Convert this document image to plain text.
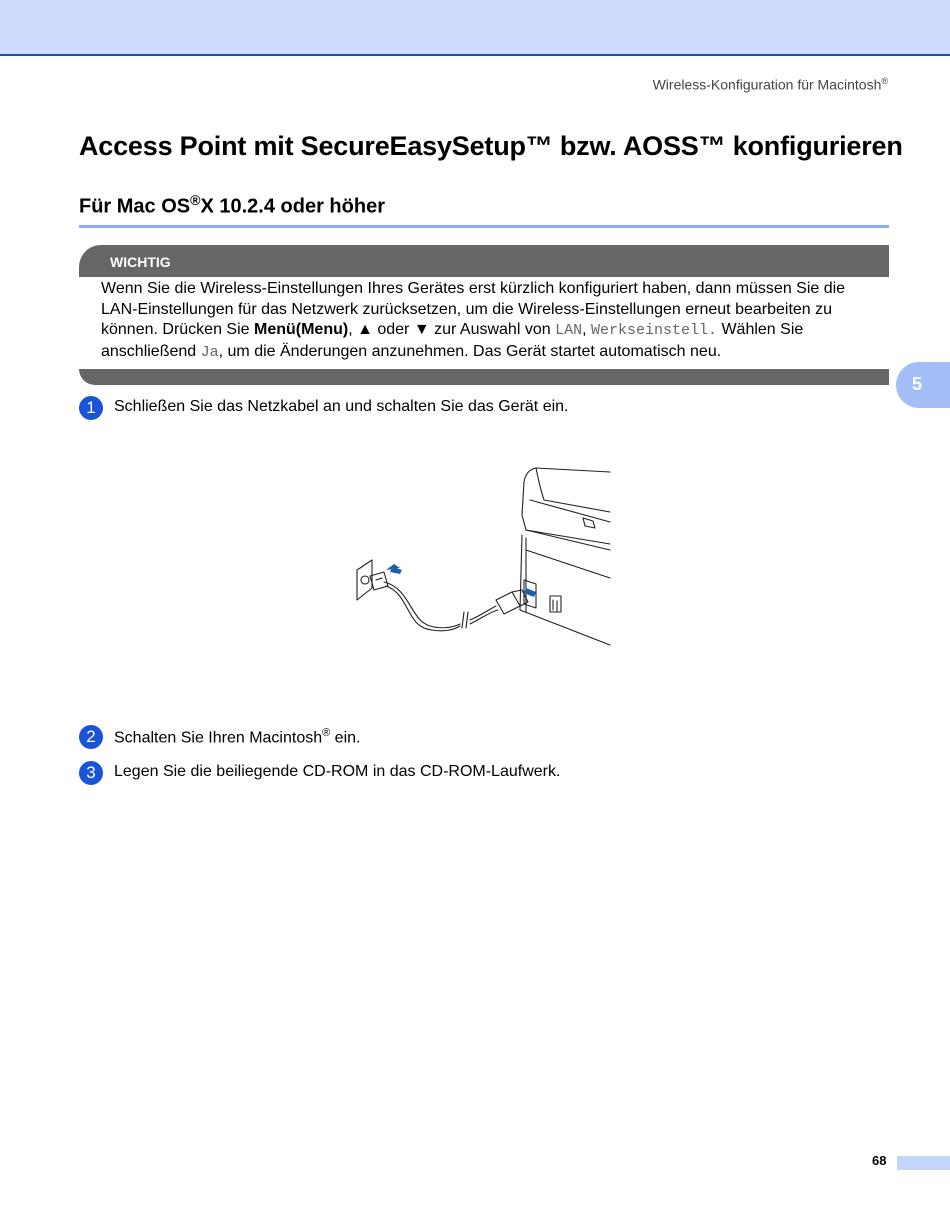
Wireless-Konfiguration für Macintosh®
Access Point mit SecureEasySetup™ bzw. AOSS™ konfigurieren
Für Mac OS®X 10.2.4 oder höher
WICHTIG
Wenn Sie die Wireless-Einstellungen Ihres Gerätes erst kürzlich konfiguriert haben, dann müssen Sie die
LAN-Einstellungen für das Netzwerk zurücksetzen, um die Wireless-Einstellungen erneut bearbeiten zu
können. Drücken Sie Menü(Menu), ▲ oder ▼ zur Auswahl von LAN, Werkseinstell. Wählen Sie
anschließend Ja, um die Änderungen anzunehmen. Das Gerät startet automatisch neu.
5
1	Schließen Sie das Netzkabel an und schalten Sie das Gerät ein.
2	Schalten Sie Ihren Macintosh® ein.
3	Legen Sie die beiliegende CD-ROM in das CD-ROM-Laufwerk.
68
